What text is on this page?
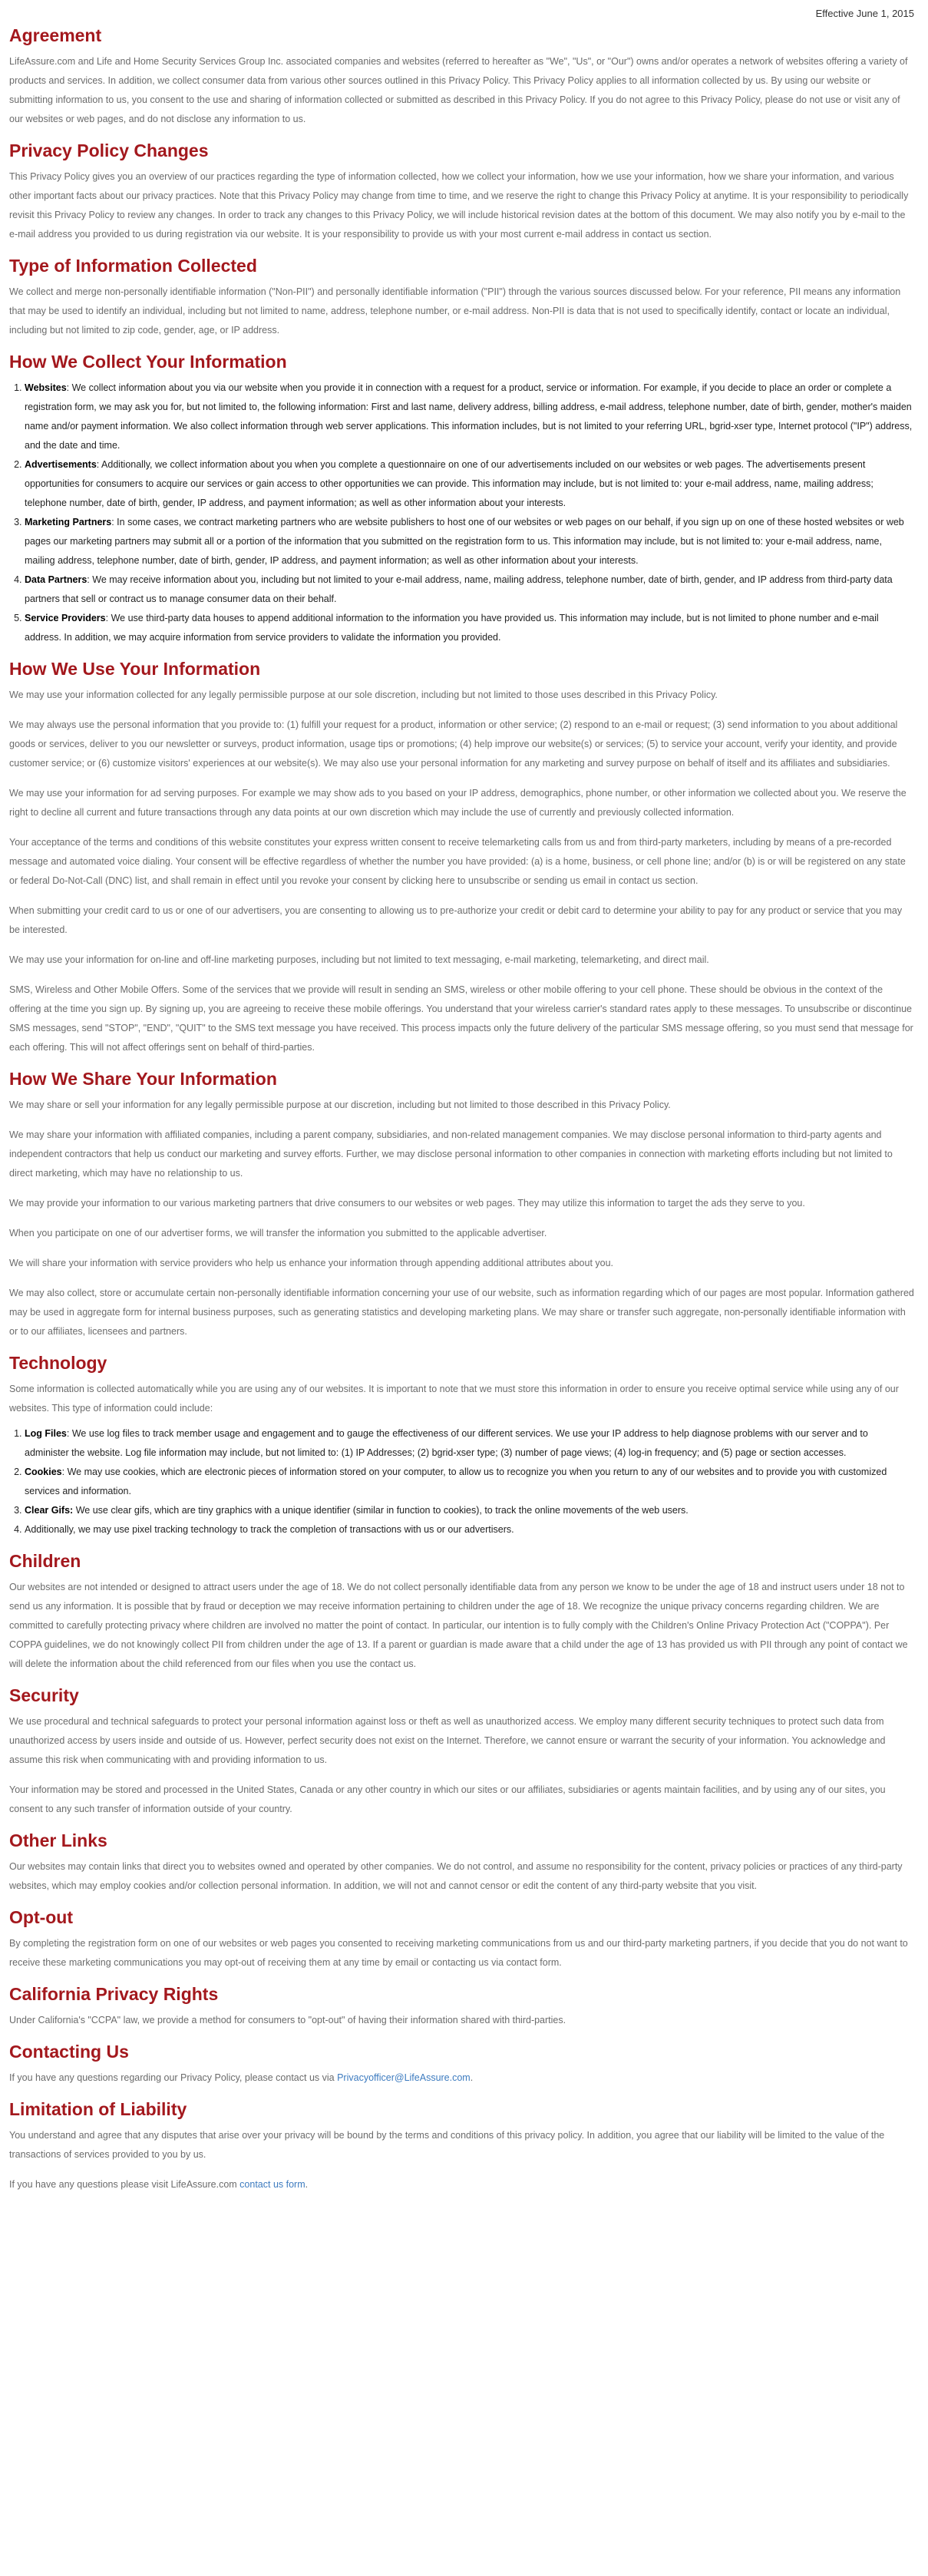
Effective June 1, 2015
Agreement

LifeAssure.com and Life and Home Security Services Group Inc. associated companies and websites (referred to hereafter as "We", "Us", or "Our") owns and/or operates a network of websites offering a variety of products and services. In addition, we collect consumer data from various other sources outlined in this Privacy Policy. This Privacy Policy applies to all information collected by us. By using our website or submitting information to us, you consent to the use and sharing of information collected or submitted as described in this Privacy Policy. If you do not agree to this Privacy Policy, please do not use or visit any of our websites or web pages, and do not disclose any information to us.

Privacy Policy Changes

This Privacy Policy gives you an overview of our practices regarding the type of information collected, how we collect your information, how we use your information, how we share your information, and various other important facts about our privacy practices. Note that this Privacy Policy may change from time to time, and we reserve the right to change this Privacy Policy at anytime. It is your responsibility to periodically revisit this Privacy Policy to review any changes. In order to track any changes to this Privacy Policy, we will include historical revision dates at the bottom of this document. We may also notify you by e-mail to the e-mail address you provided to us during registration via our website. It is your responsibility to provide us with your most current e-mail address in contact us section.

Type of Information Collected

We collect and merge non-personally identifiable information ("Non-PII") and personally identifiable information ("PII") through the various sources discussed below. For your reference, PII means any information that may be used to identify an individual, including but not limited to name, address, telephone number, or e-mail address. Non-PII is data that is not used to specifically identify, contact or locate an individual, including but not limited to zip code, gender, age, or IP address.

How We Collect Your Information
1. Websites: We collect information about you via our website when you provide it in connection with a request for a product, service or information. For example, if you decide to place an order or complete a registration form, we may ask you for, but not limited to, the following information: First and last name, delivery address, billing address, e-mail address, telephone number, date of birth, gender, mother's maiden name and/or payment information. We also collect information through web server applications. This information includes, but is not limited to your referring URL, bgrid-xser type, Internet protocol ("IP") address, and the date and time.
2. Advertisements: Additionally, we collect information about you when you complete a questionnaire on one of our advertisements included on our websites or web pages. The advertisements present opportunities for consumers to acquire our services or gain access to other opportunities we can provide. This information may include, but is not limited to: your e-mail address, name, mailing address; telephone number, date of birth, gender, IP address, and payment information; as well as other information about your interests.
3. Marketing Partners: In some cases, we contract marketing partners who are website publishers to host one of our websites or web pages on our behalf, if you sign up on one of these hosted websites or web pages our marketing partners may submit all or a portion of the information that you submitted on the registration form to us. This information may include, but is not limited to: your e-mail address, name, mailing address, telephone number, date of birth, gender, IP address, and payment information; as well as other information about your interests.
4. Data Partners: We may receive information about you, including but not limited to your e-mail address, name, mailing address, telephone number, date of birth, gender, and IP address from third-party data partners that sell or contract us to manage consumer data on their behalf.
5. Service Providers: We use third-party data houses to append additional information to the information you have provided us. This information may include, but is not limited to phone number and e-mail address. In addition, we may acquire information from service providers to validate the information you provided.
How We Use Your Information

We may use your information collected for any legally permissible purpose at our sole discretion, including but not limited to those uses described in this Privacy Policy.

We may always use the personal information that you provide to: (1) fulfill your request for a product, information or other service; (2) respond to an e-mail or request; (3) send information to you about additional goods or services, deliver to you our newsletter or surveys, product information, usage tips or promotions; (4) help improve our website(s) or services; (5) to service your account, verify your identity, and provide customer service; or (6) customize visitors' experiences at our website(s). We may also use your personal information for any marketing and survey purpose on behalf of itself and its affiliates and subsidiaries.

We may use your information for ad serving purposes. For example we may show ads to you based on your IP address, demographics, phone number, or other information we collected about you. We reserve the right to decline all current and future transactions through any data points at our own discretion which may include the use of currently and previously collected information.

Your acceptance of the terms and conditions of this website constitutes your express written consent to receive telemarketing calls from us and from third-party marketers, including by means of a pre-recorded message and automated voice dialing. Your consent will be effective regardless of whether the number you have provided: (a) is a home, business, or cell phone line; and/or (b) is or will be registered on any state or federal Do-Not-Call (DNC) list, and shall remain in effect until you revoke your consent by clicking here to unsubscribe or sending us email in contact us section.

When submitting your credit card to us or one of our advertisers, you are consenting to allowing us to pre-authorize your credit or debit card to determine your ability to pay for any product or service that you may be interested.

We may use your information for on-line and off-line marketing purposes, including but not limited to text messaging, e-mail marketing, telemarketing, and direct mail.

SMS, Wireless and Other Mobile Offers. Some of the services that we provide will result in sending an SMS, wireless or other mobile offering to your cell phone. These should be obvious in the context of the offering at the time you sign up. By signing up, you are agreeing to receive these mobile offerings. You understand that your wireless carrier's standard rates apply to these messages. To unsubscribe or discontinue SMS messages, send "STOP", "END", "QUIT" to the SMS text message you have received. This process impacts only the future delivery of the particular SMS message offering, so you must send that message for each offering. This will not affect offerings sent on behalf of third-parties.

How We Share Your Information

We may share or sell your information for any legally permissible purpose at our discretion, including but not limited to those described in this Privacy Policy.

We may share your information with affiliated companies, including a parent company, subsidiaries, and non-related management companies. We may disclose personal information to third-party agents and independent contractors that help us conduct our marketing and survey efforts. Further, we may disclose personal information to other companies in connection with marketing efforts including but not limited to direct marketing, which may have no relationship to us.

We may provide your information to our various marketing partners that drive consumers to our websites or web pages. They may utilize this information to target the ads they serve to you.

When you participate on one of our advertiser forms, we will transfer the information you submitted to the applicable advertiser.

We will share your information with service providers who help us enhance your information through appending additional attributes about you.

We may also collect, store or accumulate certain non-personally identifiable information concerning your use of our website, such as information regarding which of our pages are most popular. Information gathered may be used in aggregate form for internal business purposes, such as generating statistics and developing marketing plans. We may share or transfer such aggregate, non-personally identifiable information with or to our affiliates, licensees and partners.

Technology

Some information is collected automatically while you are using any of our websites. It is important to note that we must store this information in order to ensure you receive optimal service while using any of our websites. This type of information could include:

1. Log Files: We use log files to track member usage and engagement and to gauge the effectiveness of our different services. We use your IP address to help diagnose problems with our server and to administer the website. Log file information may include, but not limited to: (1) IP Addresses; (2) bgrid-xser type; (3) number of page views; (4) log-in frequency; and (5) page or section accesses.
2. Cookies: We may use cookies, which are electronic pieces of information stored on your computer, to allow us to recognize you when you return to any of our websites and to provide you with customized services and information.
3. Clear Gifs: We use clear gifs, which are tiny graphics with a unique identifier (similar in function to cookies), to track the online movements of the web users.
4. Additionally, we may use pixel tracking technology to track the completion of transactions with us or our advertisers.
Children

Our websites are not intended or designed to attract users under the age of 18. We do not collect personally identifiable data from any person we know to be under the age of 18 and instruct users under 18 not to send us any information. It is possible that by fraud or deception we may receive information pertaining to children under the age of 18. We recognize the unique privacy concerns regarding children. We are committed to carefully protecting privacy where children are involved no matter the point of contact. In particular, our intention is to fully comply with the Children's Online Privacy Protection Act ("COPPA"). Per COPPA guidelines, we do not knowingly collect PII from children under the age of 13. If a parent or guardian is made aware that a child under the age of 13 has provided us with PII through any point of contact we will delete the information about the child referenced from our files when you use the contact us.

Security

We use procedural and technical safeguards to protect your personal information against loss or theft as well as unauthorized access. We employ many different security techniques to protect such data from unauthorized access by users inside and outside of us. However, perfect security does not exist on the Internet. Therefore, we cannot ensure or warrant the security of your information. You acknowledge and assume this risk when communicating with and providing information to us.

Your information may be stored and processed in the United States, Canada or any other country in which our sites or our affiliates, subsidiaries or agents maintain facilities, and by using any of our sites, you consent to any such transfer of information outside of your country.

Other Links

Our websites may contain links that direct you to websites owned and operated by other companies. We do not control, and assume no responsibility for the content, privacy policies or practices of any third-party websites, which may employ cookies and/or collection personal information. In addition, we will not and cannot censor or edit the content of any third-party website that you visit.

Opt-out

By completing the registration form on one of our websites or web pages you consented to receiving marketing communications from us and our third-party marketing partners, if you decide that you do not want to receive these marketing communications you may opt-out of receiving them at any time by email or contacting us via contact form.

California Privacy Rights

Under California's "CCPA" law, we provide a method for consumers to "opt-out" of having their information shared with third-parties.

Contacting Us

If you have any questions regarding our Privacy Policy, please contact us via Privacyofficer@LifeAssure.com.

Limitation of Liability

You understand and agree that any disputes that arise over your privacy will be bound by the terms and conditions of this privacy policy. In addition, you agree that our liability will be limited to the value of the transactions of services provided to you by us.

If you have any questions please visit LifeAssure.com contact us form.
